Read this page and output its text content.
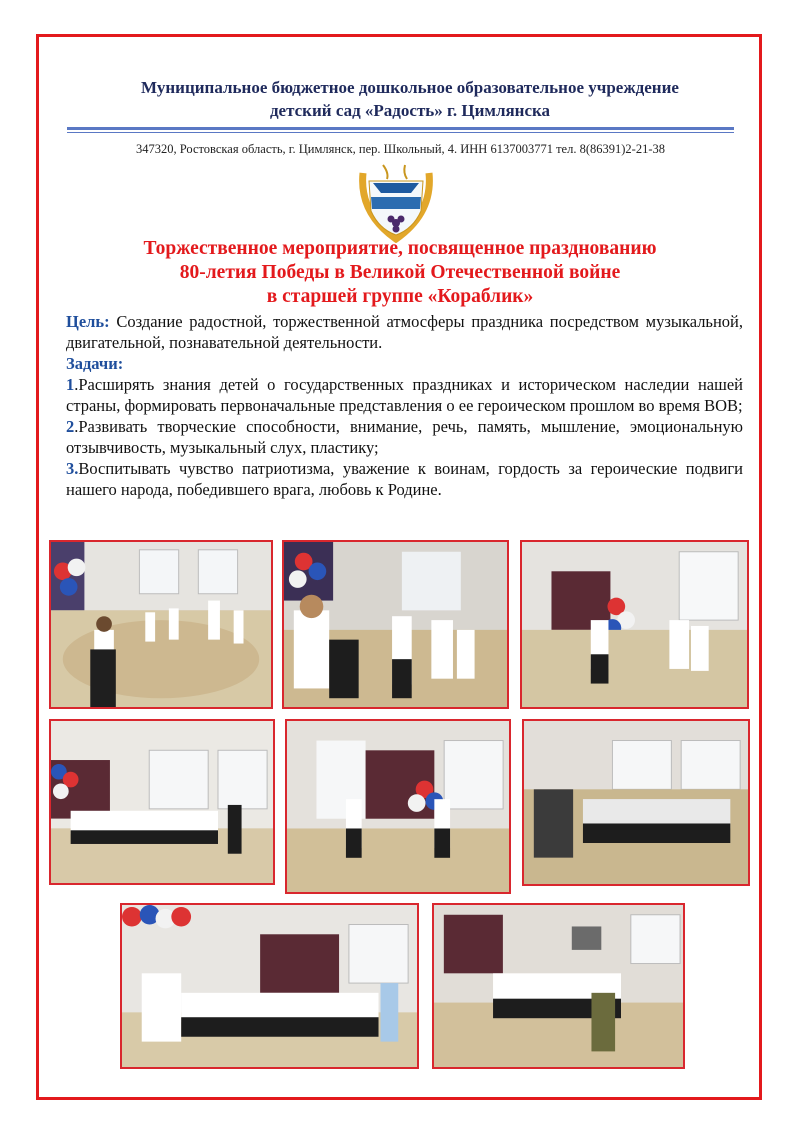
Муниципальное бюджетное дошкольное образовательное учреждение
детский сад «Радость» г. Цимлянска
347320, Ростовская область, г. Цимлянск, пер. Школьный, 4. ИНН 6137003771 тел. 8(86391)2-21-38
Торжественное мероприятие, посвященное празднованию
80-летия Победы в Великой Отечественной войне
в старшей группе «Кораблик»

Цель: Создание радостной, торжественной атмосферы праздника посредством музыкальной, двигательной, познавательной деятельности.

Задачи:

1.Расширять знания детей о государственных праздниках и историческом наследии нашей страны, формировать первоначальные представления о ее героическом прошлом во время ВОВ;

2.Развивать творческие способности, внимание, речь, память, мышление, эмоциональную отзывчивость, музыкальный слух, пластику;

3.Воспитывать чувство патриотизма, уважение к воинам, гордость за героические подвиги нашего народа, победившего врага, любовь к Родине.
